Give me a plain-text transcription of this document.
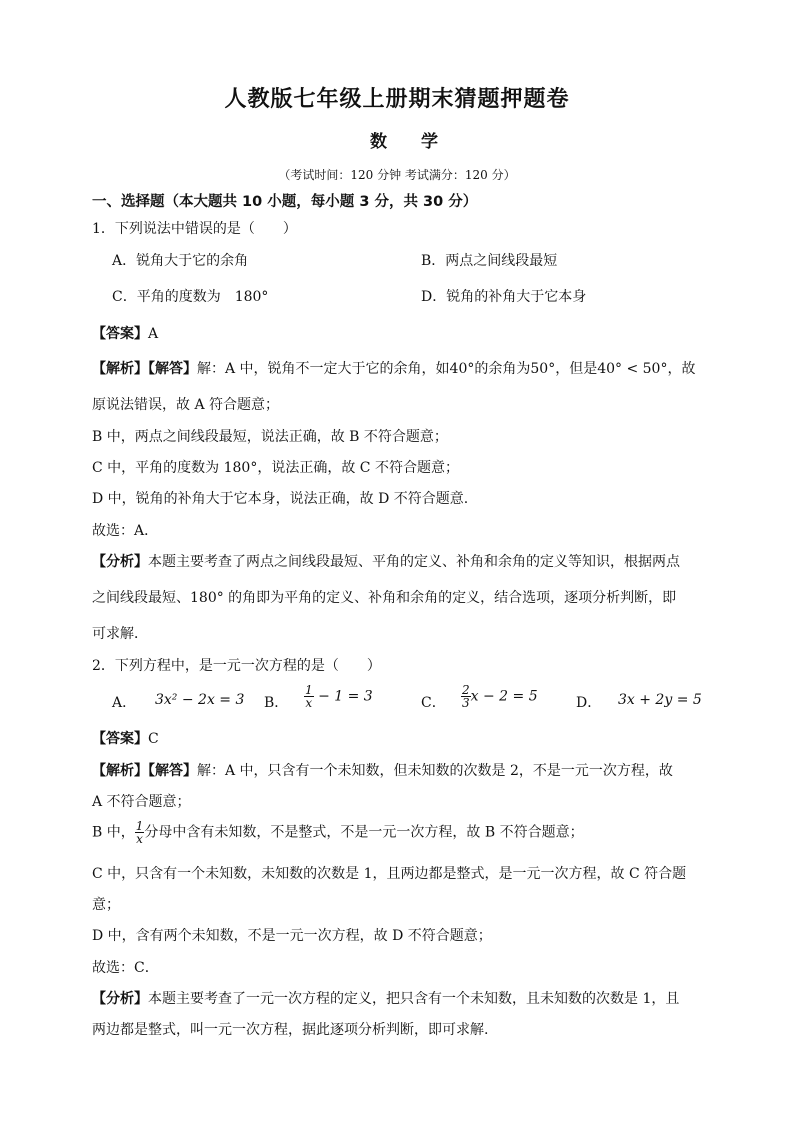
人教版七年级上册期末猜题押题卷
数 学
（考试时间：120 分钟 考试满分：120 分）
一、选择题（本大题共 10 小题，每小题 3 分，共 30 分）
1．下列说法中错误的是（　　）
A．锐角大于它的余角	B．两点之间线段最短
C．平角的度数为　180°	D．锐角的补角大于它本身
【答案】A
【解析】【解答】解：A 中，锐角不一定大于它的余角，如40°的余角为50°，但是40° < 50°，故
原说法错误，故 A 符合题意；
B 中，两点之间线段最短，说法正确，故 B 不符合题意；
C 中，平角的度数为 180°，说法正确，故 C 不符合题意；
D 中，锐角的补角大于它本身，说法正确，故 D 不符合题意.
故选：A．
【分析】本题主要考查了两点之间线段最短、平角的定义、补角和余角的定义等知识，根据两点
之间线段最短、180° 的角即为平角的定义、补角和余角的定义，结合选项，逐项分析判断，即
可求解．
2．下列方程中，是一元一次方程的是（　　）
A． 3x² − 2x = 3 B． $\frac{1}{x} - 1 = 3$	C． $\frac{2}{3}$ x − 2 = 5	D． 3x + 2y = 5
【答案】C
【解析】【解答】解：A 中，只含有一个未知数，但未知数的次数是 2，不是一元一次方程，故
A 不符合题意；
B 中， $\frac{1}{x}$ 分母中含有未知数，不是整式，不是一元一次方程，故 B 不符合题意；
C 中，只含有一个未知数，未知数的次数是 1，且两边都是整式，是一元一次方程，故 C 符合题
意；
D 中，含有两个未知数，不是一元一次方程，故 D 不符合题意；
故选：C．
【分析】本题主要考查了一元一次方程的定义，把只含有一个未知数，且未知数的次数是 1，且
两边都是整式，叫一元一次方程，据此逐项分析判断，即可求解.
